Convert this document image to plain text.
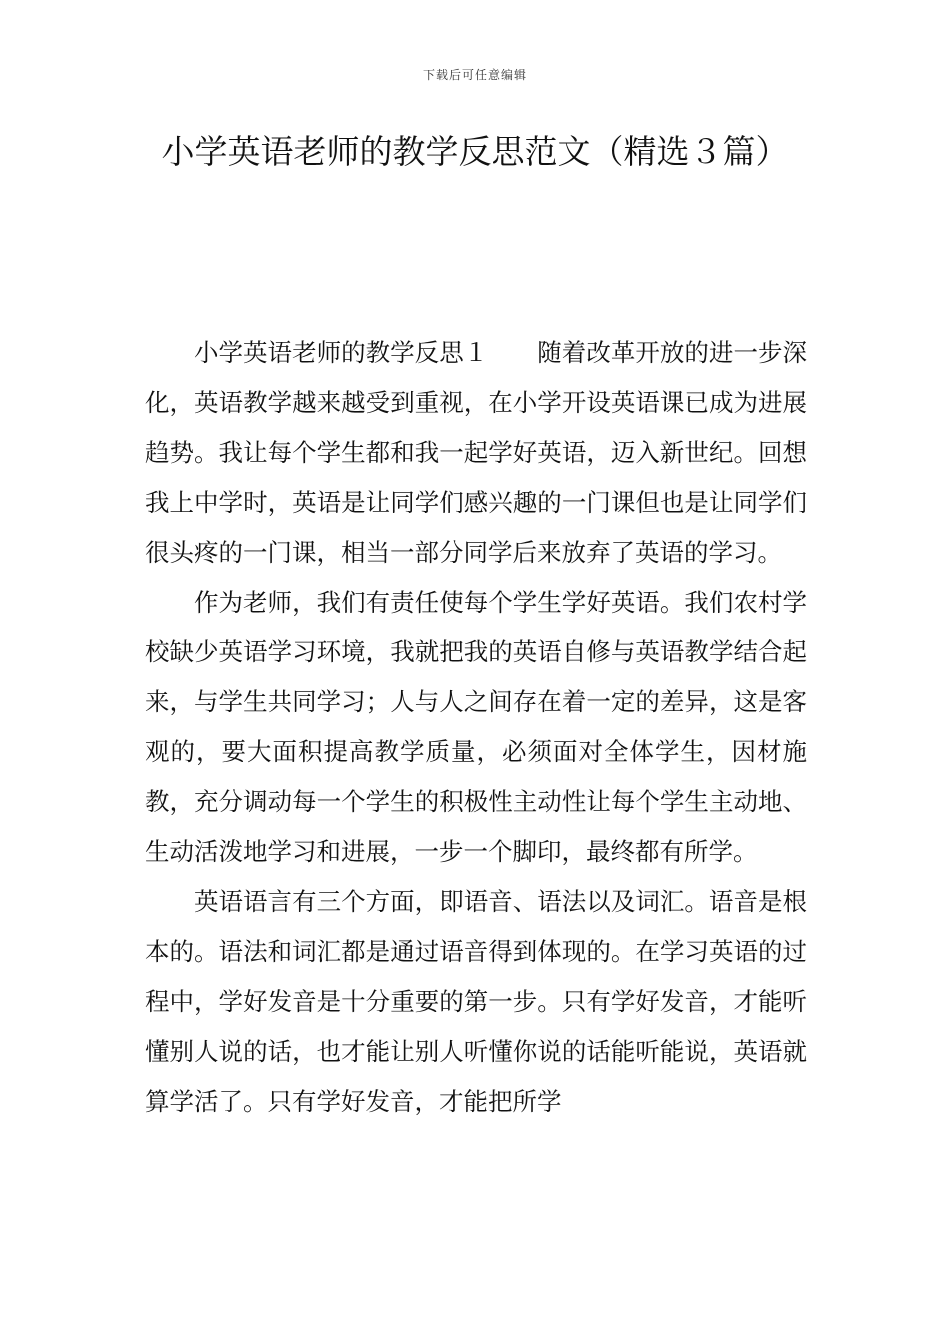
下载后可任意编辑
小学英语老师的教学反思范文（精选３篇）

小学英语老师的教学反思１　　随着改革开放的进一步深化，英语教学越来越受到重视，在小学开设英语课已成为进展趋势。我让每个学生都和我一起学好英语，迈入新世纪。回想我上中学时，英语是让同学们感兴趣的一门课但也是让同学们很头疼的一门课，相当一部分同学后来放弃了英语的学习。

作为老师，我们有责任使每个学生学好英语。我们农村学校缺少英语学习环境，我就把我的英语自修与英语教学结合起来，与学生共同学习；人与人之间存在着一定的差异，这是客观的，要大面积提高教学质量，必须面对全体学生，因材施教，充分调动每一个学生的积极性主动性让每个学生主动地、生动活泼地学习和进展，一步一个脚印，最终都有所学。

英语语言有三个方面，即语音、语法以及词汇。语音是根本的。语法和词汇都是通过语音得到体现的。在学习英语的过程中，学好发音是十分重要的第一步。只有学好发音，才能听懂别人说的话，也才能让别人听懂你说的话能听能说，英语就算学活了。只有学好发音，才能把所学
